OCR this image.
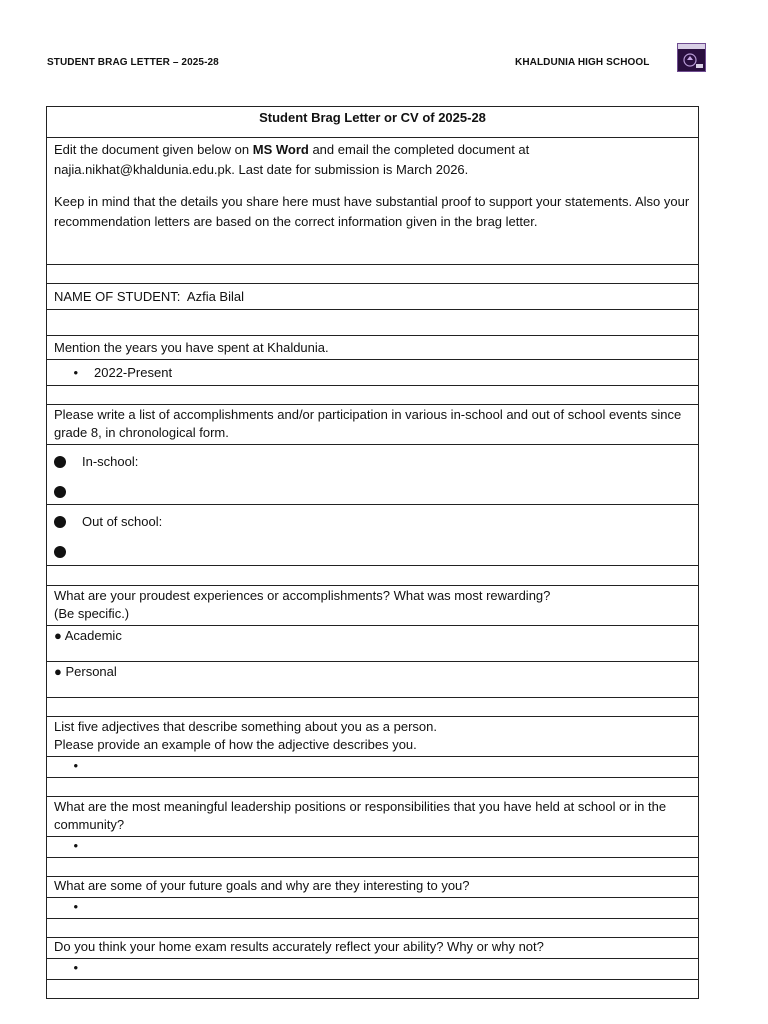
STUDENT BRAG LETTER – 2025-28	KHALDUNIA HIGH SCHOOL
Student Brag Letter or CV of 2025-28

Edit the document given below on MS Word and email the completed document at najia.nikhat@khaldunia.edu.pk. Last date for submission is March 2026.

Keep in mind that the details you share here must have substantial proof to support your statements. Also your recommendation letters are based on the correct information given in the brag letter.

NAME OF STUDENT: Azfia Bilal

Mention the years you have spent at Khaldunia.

• 2022-Present

Please write a list of accomplishments and/or participation in various in-school and out of school events since grade 8, in chronological form.

In-school:

Out of school:

What are your proudest experiences or accomplishments? What was most rewarding?
(Be specific.)

● Academic
● Personal

List five adjectives that describe something about you as a person.
Please provide an example of how the adjective describes you.

•

What are the most meaningful leadership positions or responsibilities that you have held at school or in the community?
•

What are some of your future goals and why are they interesting to you?
•

Do you think your home exam results accurately reflect your ability? Why or why not?
•
